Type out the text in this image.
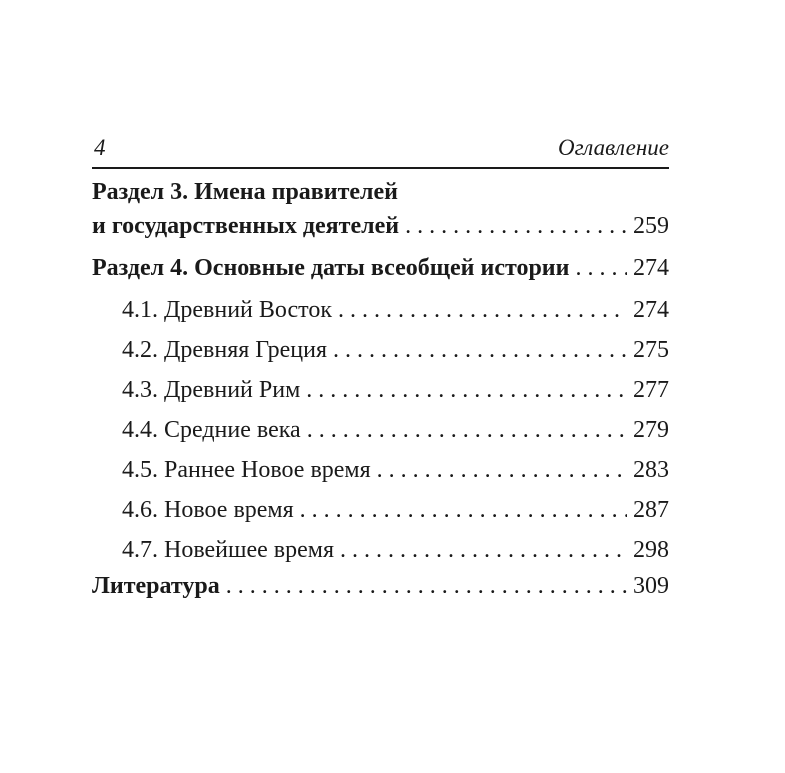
4	Оглавление
Раздел 3. Имена правителей
и государственных деятелей . . .	259
Раздел 4. Основные даты всеобщей истории . . .	274
4.1. Древний Восток . . .	274
4.2. Древняя Греция . . .	275
4.3. Древний Рим . . .	277
4.4. Средние века . . .	279
4.5. Раннее Новое время . . .	283
4.6. Новое время . . .	287
4.7. Новейшее время . . .	298
Литература . . .	309
